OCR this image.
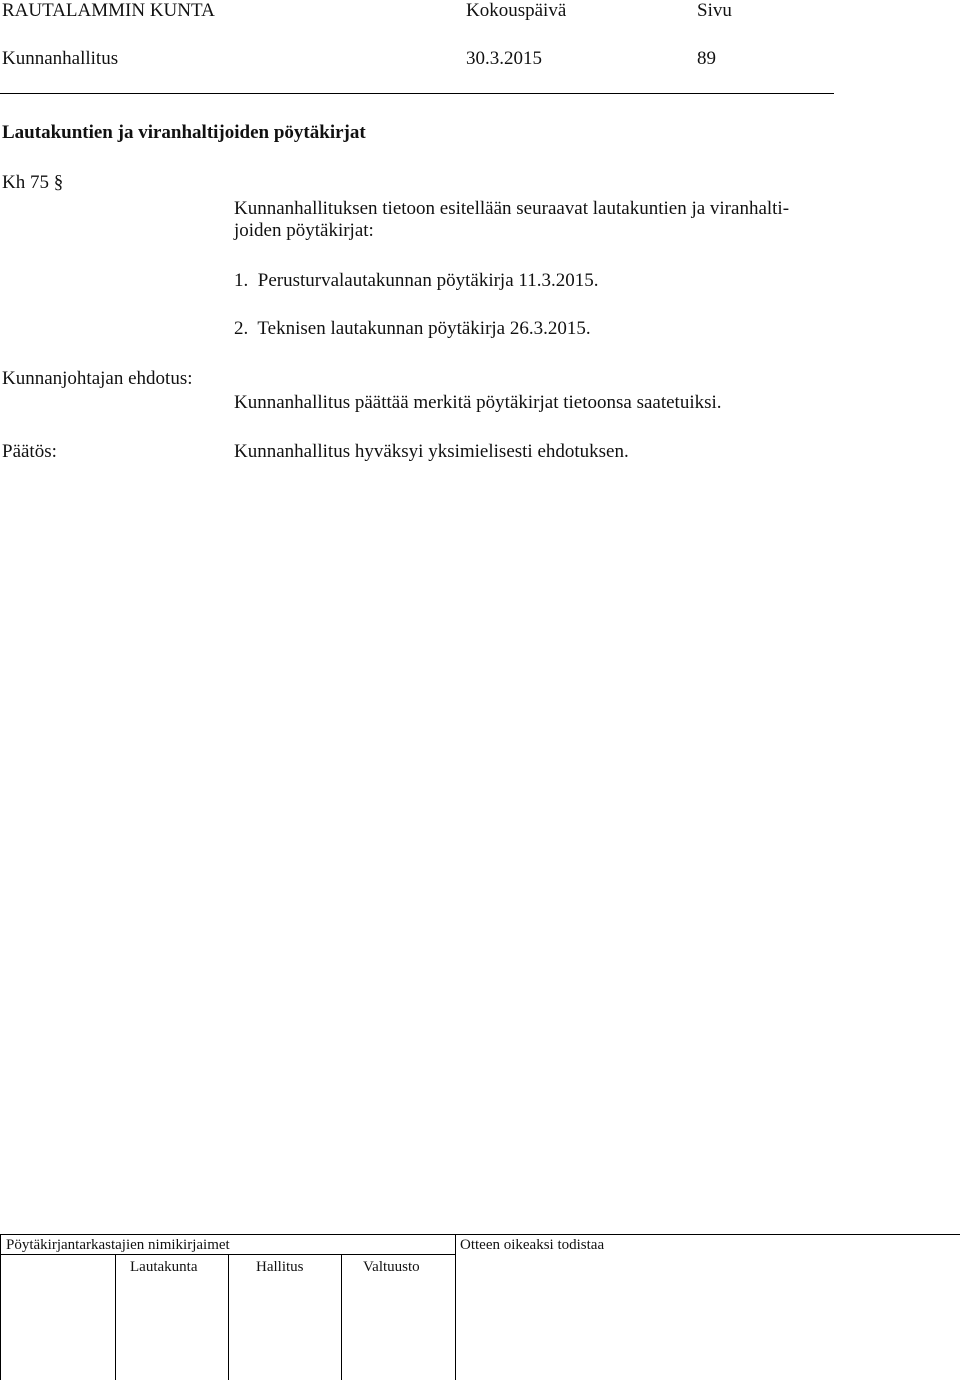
RAUTALAMMIN KUNTA	Kokouspäivä	Sivu
Kunnanhallitus	30.3.2015	89
Lautakuntien ja viranhaltijoiden pöytäkirjat
Kh 75 §
Kunnanhallituksen tietoon esitellään seuraavat lautakuntien ja viranhalti-
joiden pöytäkirjat:
1.  Perusturvalautakunnan pöytäkirja 11.3.2015.
2.  Teknisen lautakunnan pöytäkirja 26.3.2015.
Kunnanjohtajan ehdotus:
Kunnanhallitus päättää merkitä pöytäkirjat tietoonsa saatetuiksi.
Päätös:	Kunnanhallitus hyväksyi yksimielisesti ehdotuksen.
Pöytäkirjantarkastajien nimikirjaimet	Otteen oikeaksi todistaa
Lautakunta	Hallitus	Valtuusto
